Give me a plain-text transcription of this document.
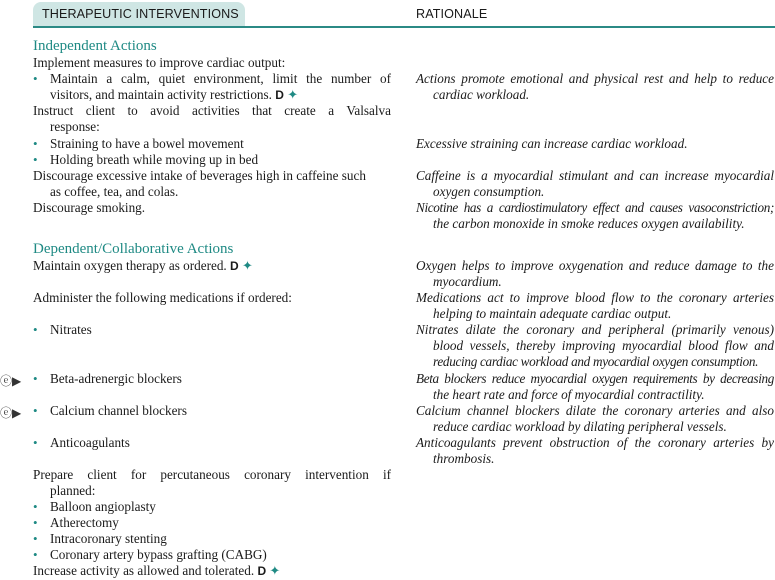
THERAPEUTIC INTERVENTIONS	RATIONALE
Independent Actions
Implement measures to improve cardiac output:
•
Maintain a calm, quiet environment, limit the number of
visitors, and maintain activity restrictions. D ✦
Instruct client to avoid activities that create a Valsalva
response:
•
Straining to have a bowel movement
•
Holding breath while moving up in bed
Discourage excessive intake of beverages high in caffeine such
as coffee, tea, and colas.
Discourage smoking.
Dependent/Collaborative Actions
Maintain oxygen therapy as ordered. D ✦
Administer the following medications if ordered:
•
Nitrates
•
Beta-adrenergic blockers
•
Calcium channel blockers
•
Anticoagulants
Prepare client for percutaneous coronary intervention if
planned:
•
Balloon angioplasty
•
Atherectomy
•
Intracoronary stenting
•
Coronary artery bypass grafting (CABG)
Increase activity as allowed and tolerated. D ✦
ⓔ▶
ⓔ▶
Actions promote emotional and physical rest and help to reduce
cardiac workload.
Excessive straining can increase cardiac workload.
Caffeine is a myocardial stimulant and can increase myocardial
oxygen consumption.
Nicotine has a cardiostimulatory effect and causes vasoconstriction;
the carbon monoxide in smoke reduces oxygen availability.
Oxygen helps to improve oxygenation and reduce damage to the
myocardium.
Medications act to improve blood flow to the coronary arteries
helping to maintain adequate cardiac output.
Nitrates dilate the coronary and peripheral (primarily venous)
blood vessels, thereby improving myocardial blood flow and
reducing cardiac workload and myocardial oxygen consumption.
Beta blockers reduce myocardial oxygen requirements by decreasing
the heart rate and force of myocardial contractility.
Calcium channel blockers dilate the coronary arteries and also
reduce cardiac workload by dilating peripheral vessels.
Anticoagulants prevent obstruction of the coronary arteries by
thrombosis.
